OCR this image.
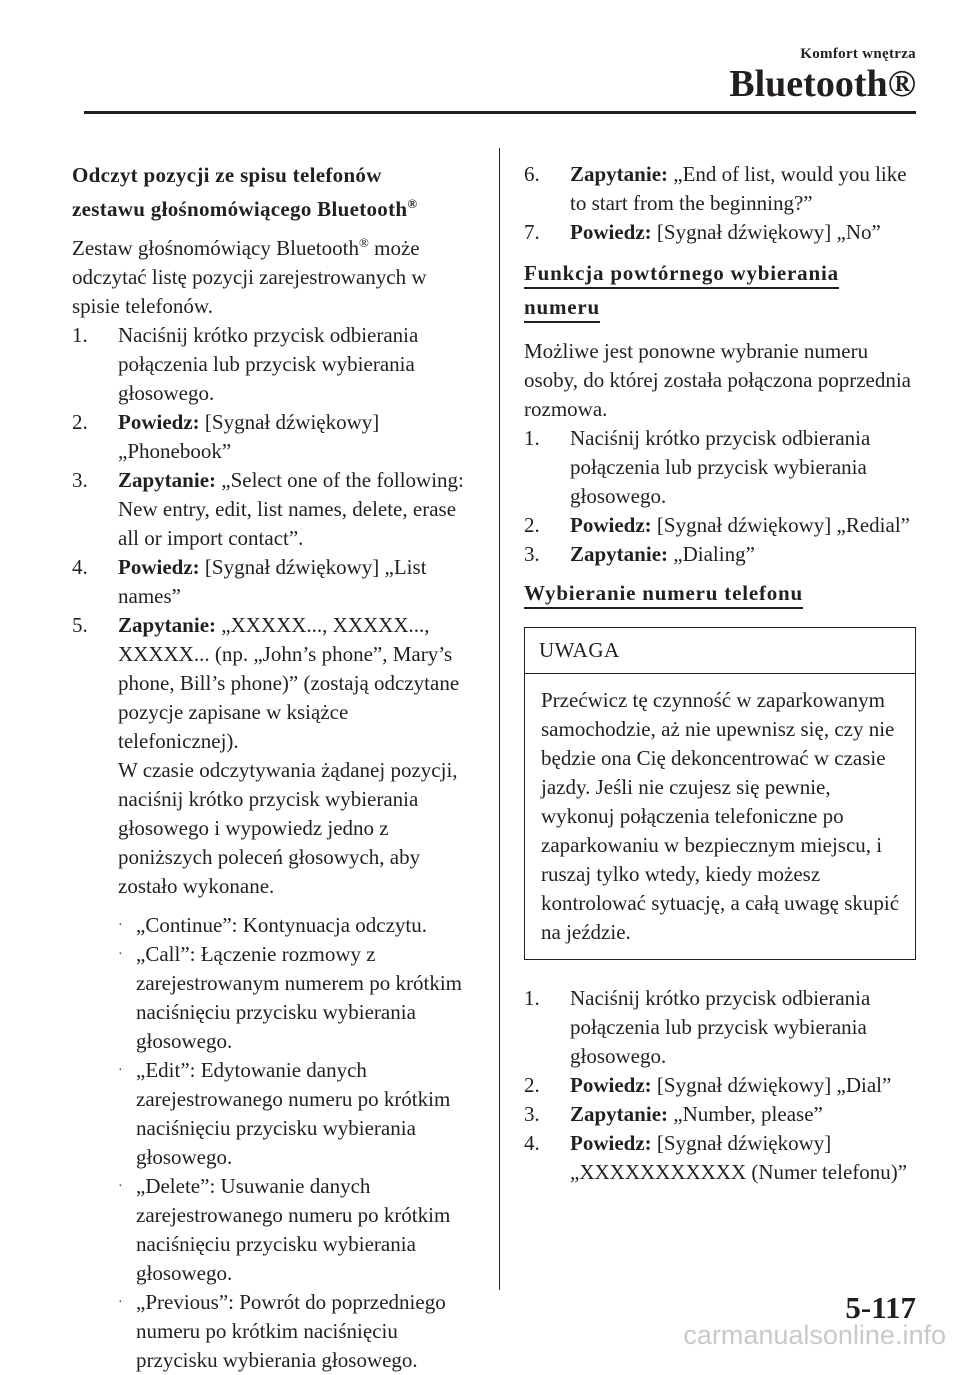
Komfort wnętrza
Bluetooth®

Odczyt pozycji ze spisu telefonów
zestawu głośnomówiącego Bluetooth®

Zestaw głośnomówiący Bluetooth® może odczytać listę pozycji zarejestrowanych w spisie telefonów.

1.	Naciśnij krótko przycisk odbierania połączenia lub przycisk wybierania głosowego.
2.	Powiedz: [Sygnał dźwiękowy] „Phonebook”
3.	Zapytanie: „Select one of the following: New entry, edit, list names, delete, erase all or import contact”.
4.	Powiedz: [Sygnał dźwiękowy] „List names”
5.	Zapytanie: „XXXXX..., XXXXX..., XXXXX... (np. „John’s phone”, Mary’s phone, Bill’s phone)” (zostają odczytane pozycje zapisane w książce telefonicznej).
W czasie odczytywania żądanej pozycji, naciśnij krótko przycisk wybierania głosowego i wypowiedz jedno z poniższych poleceń głosowych, aby zostało wykonane.
· „Continue”: Kontynuacja odczytu.
· „Call”: Łączenie rozmowy z zarejestrowanym numerem po krótkim naciśnięciu przycisku wybierania głosowego.
· „Edit”: Edytowanie danych zarejestrowanego numeru po krótkim naciśnięciu przycisku wybierania głosowego.
· „Delete”: Usuwanie danych zarejestrowanego numeru po krótkim naciśnięciu przycisku wybierania głosowego.
· „Previous”: Powrót do poprzedniego numeru po krótkim naciśnięciu przycisku wybierania głosowego.
6.	Zapytanie: „End of list, would you like to start from the beginning?”
7.	Powiedz: [Sygnał dźwiękowy] „No”
Funkcja powtórnego wybierania
numeru

Możliwe jest ponowne wybranie numeru osoby, do której została połączona poprzednia rozmowa.

1.	Naciśnij krótko przycisk odbierania połączenia lub przycisk wybierania głosowego.
2.	Powiedz: [Sygnał dźwiękowy] „Redial”
3.	Zapytanie: „Dialing”
Wybieranie numeru telefonu
UWAGA
Przećwicz tę czynność w zaparkowanym samochodzie, aż nie upewnisz się, czy nie będzie ona Cię dekoncentrować w czasie jazdy. Jeśli nie czujesz się pewnie, wykonuj połączenia telefoniczne po zaparkowaniu w bezpiecznym miejscu, i ruszaj tylko wtedy, kiedy możesz kontrolować sytuację, a całą uwagę skupić na jeździe.
1.	Naciśnij krótko przycisk odbierania połączenia lub przycisk wybierania głosowego.
2.	Powiedz: [Sygnał dźwiękowy] „Dial”
3.	Zapytanie: „Number, please”
4.	Powiedz: [Sygnał dźwiękowy] „XXXXXXXXXXX (Numer telefonu)”
5-117
carmanualsonline.info
